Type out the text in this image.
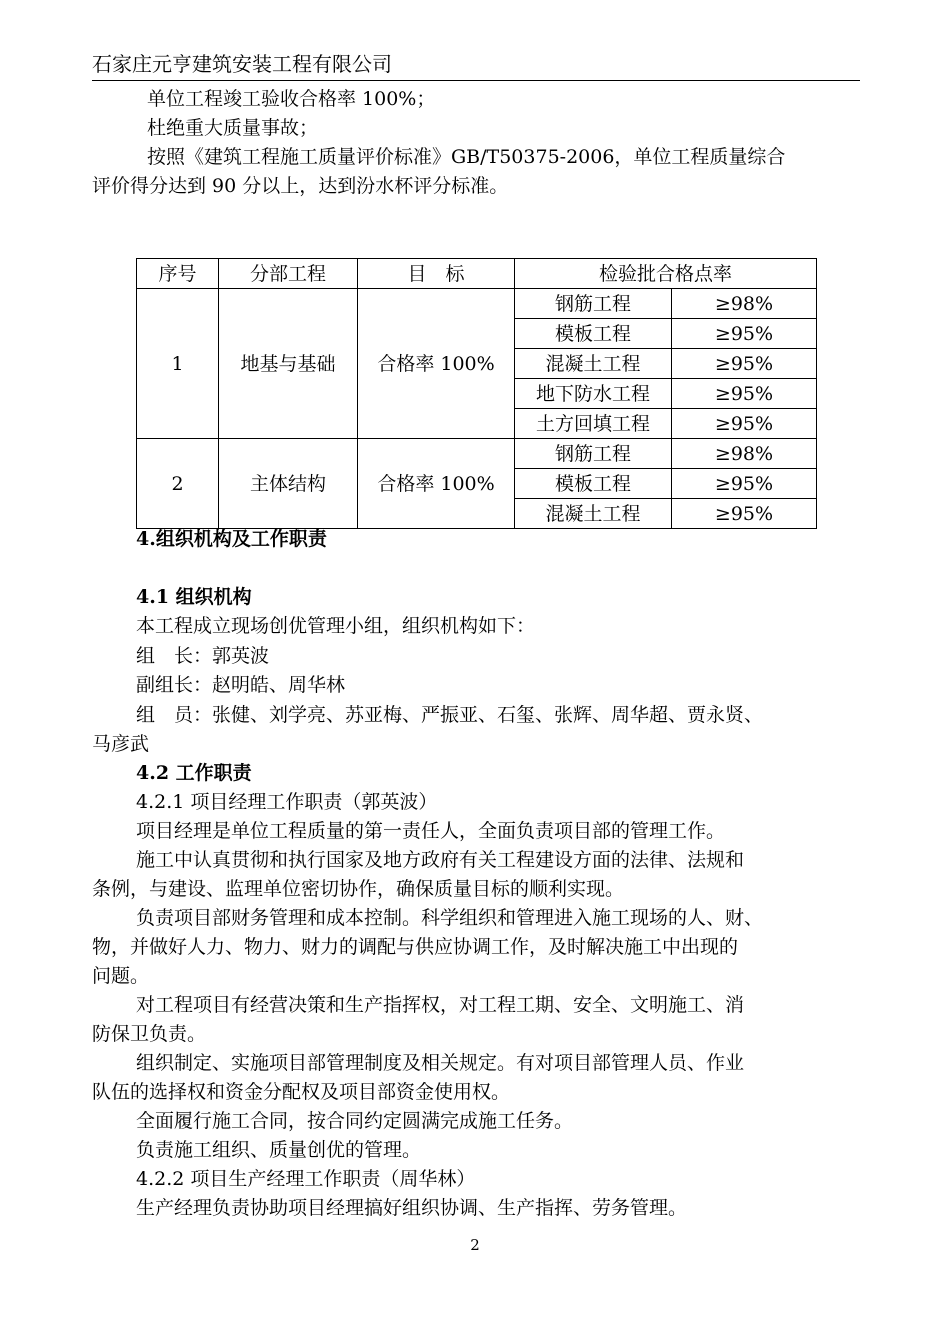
石家庄元亨建筑安装工程有限公司
单位工程竣工验收合格率 100%；
杜绝重大质量事故；
按照《建筑工程施工质量评价标准》GB/T50375-2006，单位工程质量综合
评价得分达到 90 分以上，达到汾水杯评分标准。
序号	分部工程	目　标	检验批合格点率	
1	地基与基础	合格率 100%	钢筋工程	≥98%
			模板工程	≥95%
			混凝土工程	≥95%
			地下防水工程	≥95%
			土方回填工程	≥95%
2	主体结构	合格率 100%	钢筋工程	≥98%
			模板工程	≥95%
			混凝土工程	≥95%
4.组织机构及工作职责
4.1 组织机构
本工程成立现场创优管理小组，组织机构如下：
组　长：郭英波
副组长：赵明皓、周华林
组　员：张健、刘学亮、苏亚梅、严振亚、石玺、张辉、周华超、贾永贤、
马彦武
4.2 工作职责
4.2.1 项目经理工作职责（郭英波）
项目经理是单位工程质量的第一责任人，全面负责项目部的管理工作。
施工中认真贯彻和执行国家及地方政府有关工程建设方面的法律、法规和
条例，与建设、监理单位密切协作，确保质量目标的顺利实现。
负责项目部财务管理和成本控制。科学组织和管理进入施工现场的人、财、
物，并做好人力、物力、财力的调配与供应协调工作，及时解决施工中出现的
问题。
对工程项目有经营决策和生产指挥权，对工程工期、安全、文明施工、消
防保卫负责。
组织制定、实施项目部管理制度及相关规定。有对项目部管理人员、作业
队伍的选择权和资金分配权及项目部资金使用权。
全面履行施工合同，按合同约定圆满完成施工任务。
负责施工组织、质量创优的管理。
4.2.2 项目生产经理工作职责（周华林）
生产经理负责协助项目经理搞好组织协调、生产指挥、劳务管理。
2
